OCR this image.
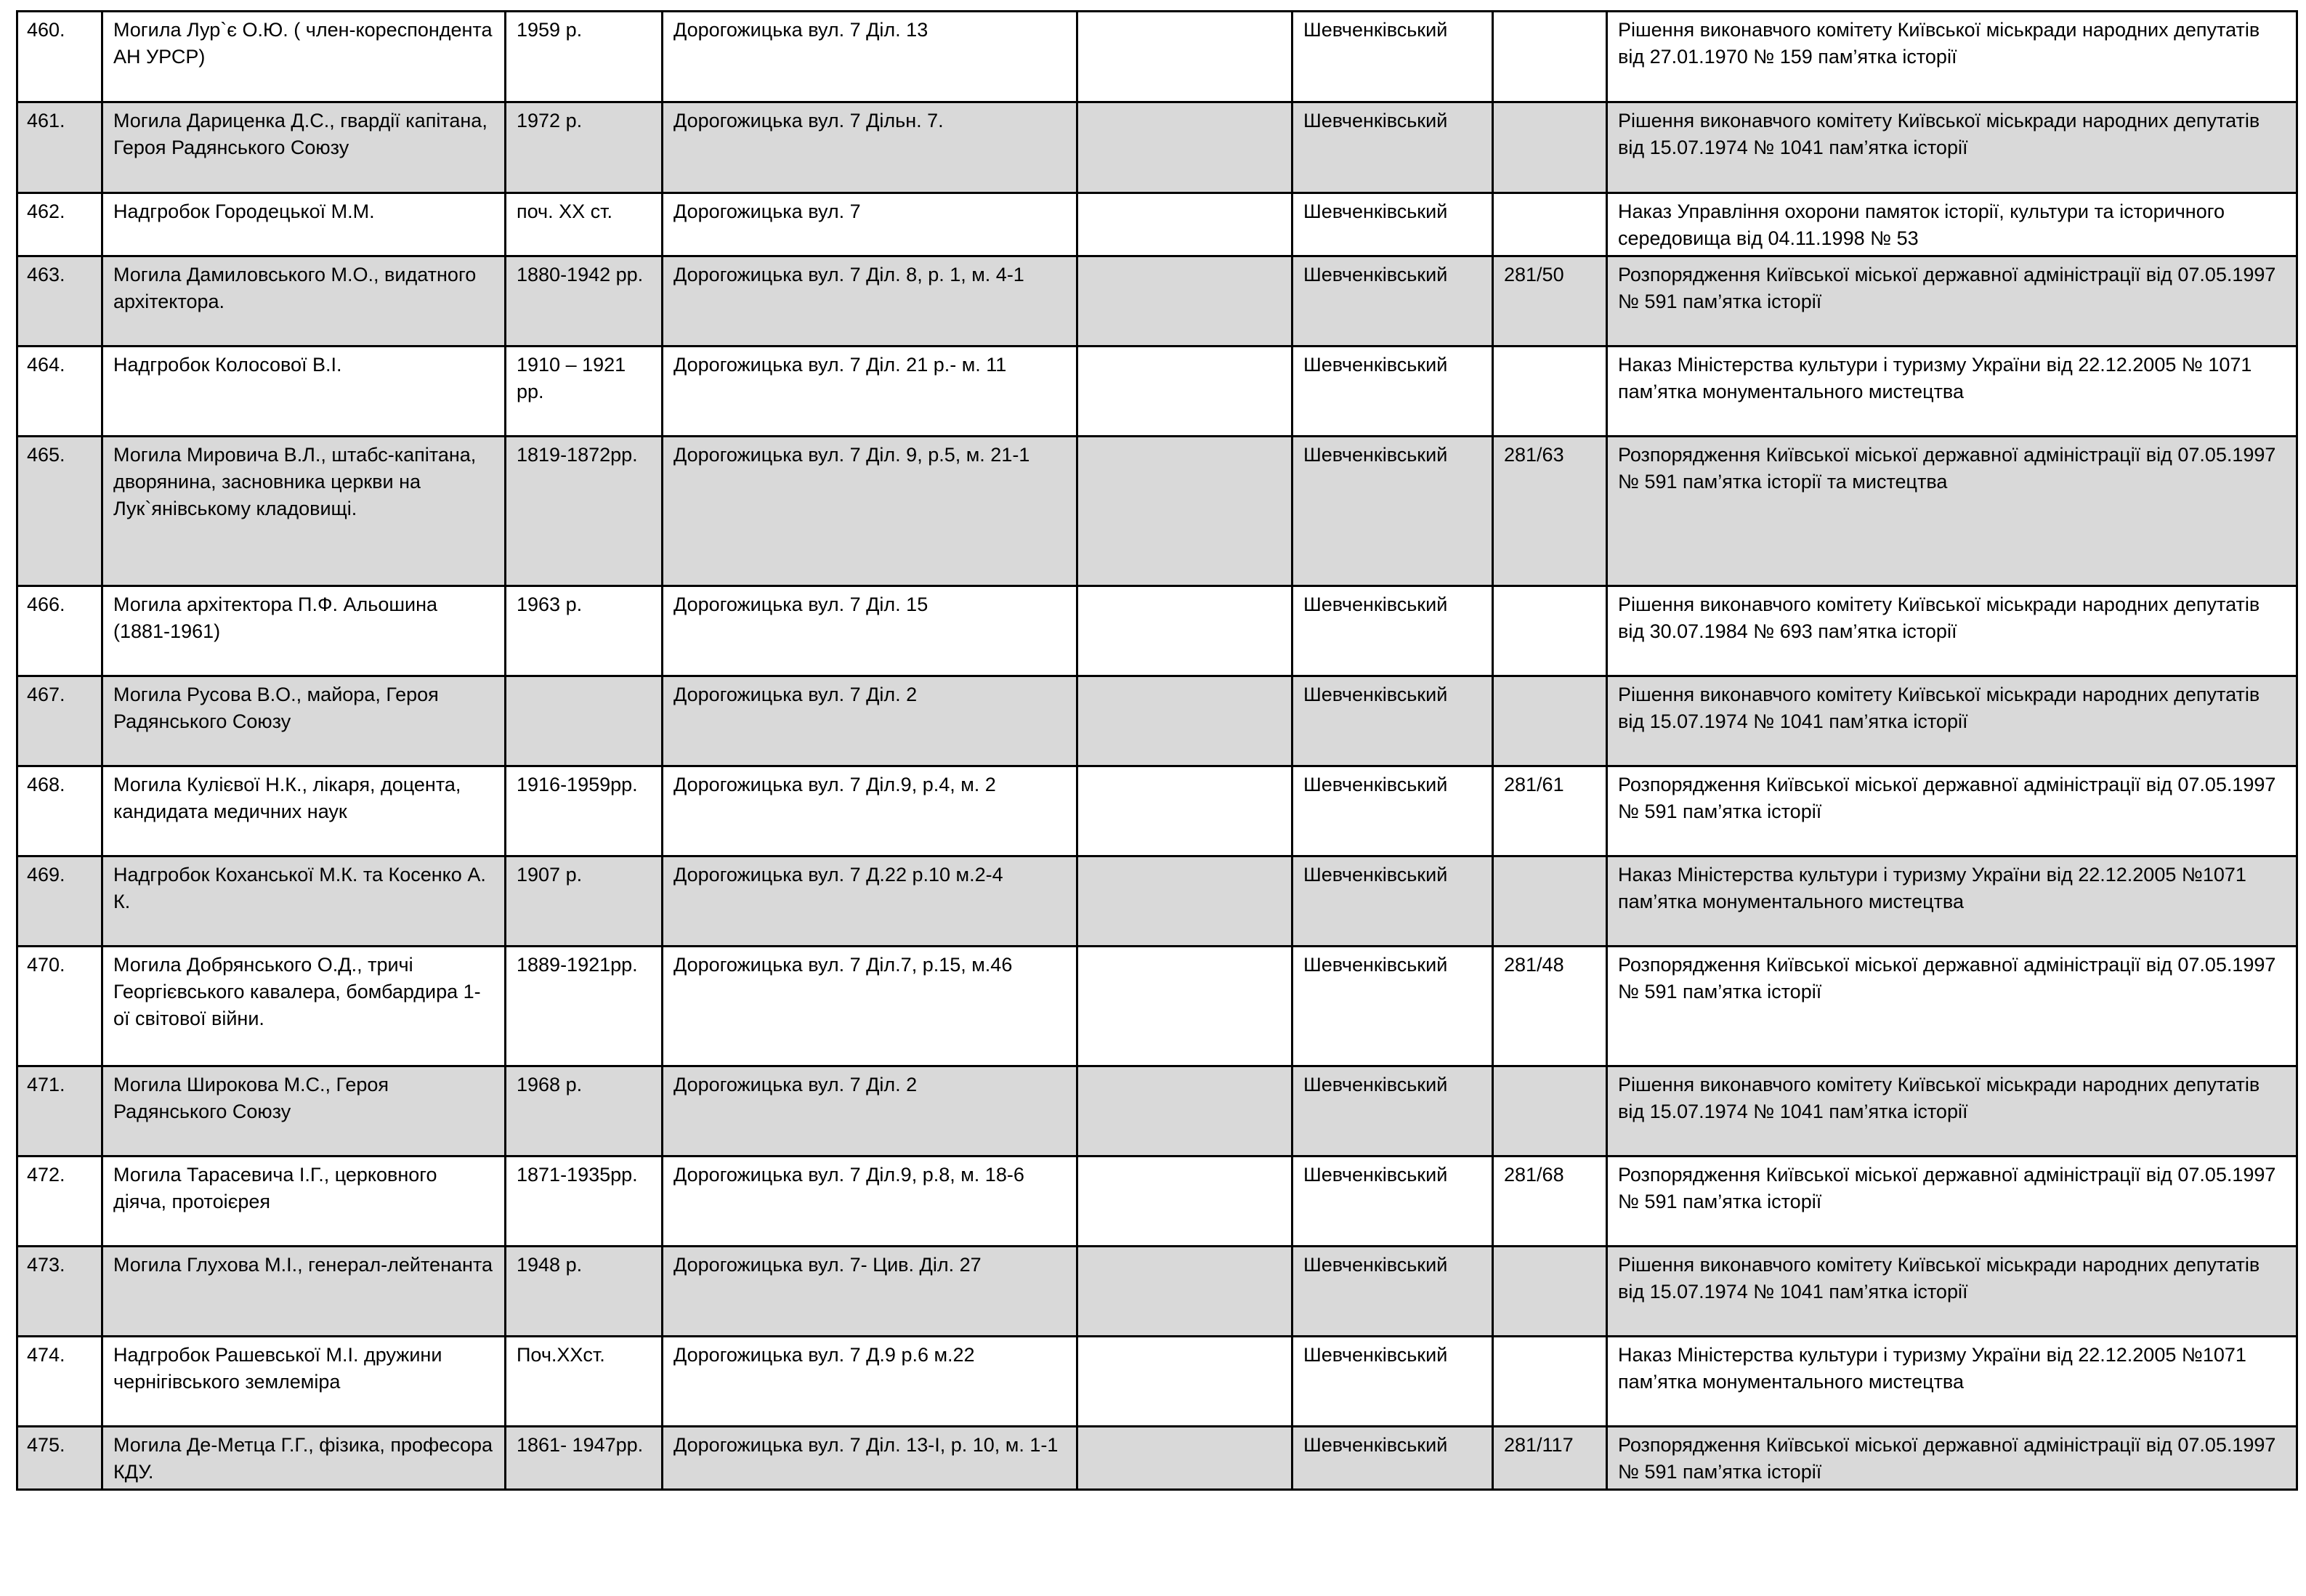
460.	Могила Лур`є О.Ю. ( член-кореспондента АН УРСР)	1959 р.	Дорогожицька вул. 7 Діл. 13		Шевченківський		Рішення виконавчого комітету Київської міськради народних депутатів від 27.01.1970 № 159 пам’ятка історії
461.	Могила Дариценка Д.С., гвардії капітана, Героя Радянського Союзу	1972 р.	Дорогожицька вул. 7 Дільн. 7.		Шевченківський		Рішення виконавчого комітету Київської міськради народних депутатів від 15.07.1974 № 1041 пам’ятка історії
462.	Надгробок Городецької М.М.	поч. XX ст.	Дорогожицька вул. 7		Шевченківський		Наказ Управління охорони памяток історії, культури та історичного середовища від 04.11.1998 № 53
463.	Могила Дамиловського М.О., видатного архітектора.	1880-1942 рр.	Дорогожицька вул. 7 Діл. 8, р. 1, м. 4-1		Шевченківський	281/50	Розпорядження Київської міської державної адміністрації від 07.05.1997 № 591 пам’ятка історії
464.	Надгробок Колосової В.І.	1910 – 1921 рр.	Дорогожицька вул. 7 Діл. 21 р.- м. 11		Шевченківський		Наказ Міністерства культури і туризму України від 22.12.2005 № 1071 пам’ятка монументального мистецтва
465.	Могила Мировича В.Л., штабс-капітана, дворянина, засновника церкви на Лук`янівському кладовищі.	1819-1872рр.	Дорогожицька вул. 7 Діл. 9, р.5, м. 21-1		Шевченківський	281/63	Розпорядження Київської міської державної адміністрації від 07.05.1997 № 591 пам’ятка історії та мистецтва
466.	Могила архітектора П.Ф. Альошина (1881-1961)	1963 р.	Дорогожицька вул. 7 Діл. 15		Шевченківський		Рішення виконавчого комітету Київської міськради народних депутатів від 30.07.1984 № 693 пам’ятка історії
467.	Могила Русова В.О., майора, Героя Радянського Союзу		Дорогожицька вул. 7 Діл. 2		Шевченківський		Рішення виконавчого комітету Київської міськради народних депутатів від 15.07.1974 № 1041 пам’ятка історії
468.	Могила Кулієвої Н.К., лікаря, доцента, кандидата медичних наук	1916-1959рр.	Дорогожицька вул. 7 Діл.9, р.4, м. 2		Шевченківський	281/61	Розпорядження Київської міської державної адміністрації від 07.05.1997 № 591 пам’ятка історії
469.	Надгробок Коханської М.К. та Косенко А. К.	1907 р.	Дорогожицька вул. 7 Д.22 р.10 м.2-4		Шевченківський		Наказ Міністерства культури і туризму України від 22.12.2005 №1071 пам’ятка монументального мистецтва
470.	Могила Добрянського О.Д., тричі Георгієвського кавалера, бомбардира 1-ої світової війни.	1889-1921рр.	Дорогожицька вул. 7 Діл.7, р.15, м.46		Шевченківський	281/48	Розпорядження Київської міської державної адміністрації від 07.05.1997 № 591 пам’ятка історії
471.	Могила Широкова М.С., Героя Радянського Союзу	1968 р.	Дорогожицька вул. 7 Діл. 2		Шевченківський		Рішення виконавчого комітету Київської міськради народних депутатів від 15.07.1974 № 1041 пам’ятка історії
472.	Могила Тарасевича І.Г., церковного діяча, протоієрея	1871-1935рр.	Дорогожицька вул. 7 Діл.9, р.8, м. 18-6		Шевченківський	281/68	Розпорядження Київської міської державної адміністрації від 07.05.1997 № 591 пам’ятка історії
473.	Могила Глухова М.І., генерал-лейтенанта	1948 р.	Дорогожицька вул. 7- Цив. Діл. 27		Шевченківський		Рішення виконавчого комітету Київської міськради народних депутатів від 15.07.1974 № 1041 пам’ятка історії
474.	Надгробок Рашевської М.І. дружини чернігівського землеміра	Поч.XXст.	Дорогожицька вул. 7 Д.9 р.6 м.22		Шевченківський		Наказ Міністерства культури і туризму України від 22.12.2005 №1071 пам’ятка монументального мистецтва
475.	Могила Де-Метца Г.Г., фізика, професора КДУ.	1861- 1947рр.	Дорогожицька вул. 7 Діл. 13-І, р. 10, м. 1-1		Шевченківський	281/117	Розпорядження Київської міської державної адміністрації від 07.05.1997 № 591 пам’ятка історії
